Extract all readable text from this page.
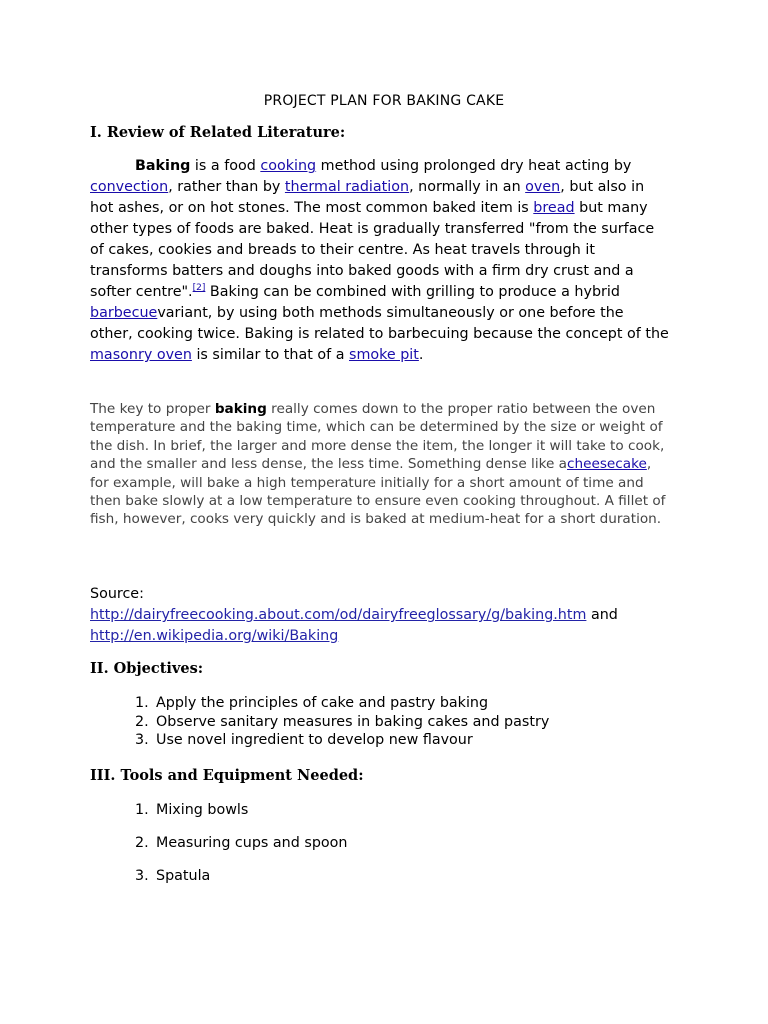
PROJECT PLAN FOR BAKING CAKE
I. Review of Related Literature:
Baking is a food cooking method using prolonged dry heat acting by convection, rather than by thermal radiation, normally in an oven, but also in hot ashes, or on hot stones. The most common baked item is bread but many other types of foods are baked. Heat is gradually transferred "from the surface of cakes, cookies and breads to their centre. As heat travels through it transforms batters and doughs into baked goods with a firm dry crust and a softer centre".[2] Baking can be combined with grilling to produce a hybrid barbecuevariant, by using both methods simultaneously or one before the other, cooking twice. Baking is related to barbecuing because the concept of the masonry oven is similar to that of a smoke pit.
The key to proper baking really comes down to the proper ratio between the oven temperature and the baking time, which can be determined by the size or weight of the dish. In brief, the larger and more dense the item, the longer it will take to cook, and the smaller and less dense, the less time. Something dense like acheesecake, for example, will bake a high temperature initially for a short amount of time and then bake slowly at a low temperature to ensure even cooking throughout. A fillet of fish, however, cooks very quickly and is baked at medium-heat for a short duration.
Source:
http://dairyfreecooking.about.com/od/dairyfreeglossary/g/baking.htm and
http://en.wikipedia.org/wiki/Baking
II. Objectives:
1. Apply the principles of cake and pastry baking
2. Observe sanitary measures in baking cakes and pastry
3. Use novel ingredient to develop new flavour
III. Tools and Equipment Needed:
1. Mixing bowls
2. Measuring cups and spoon
3. Spatula
